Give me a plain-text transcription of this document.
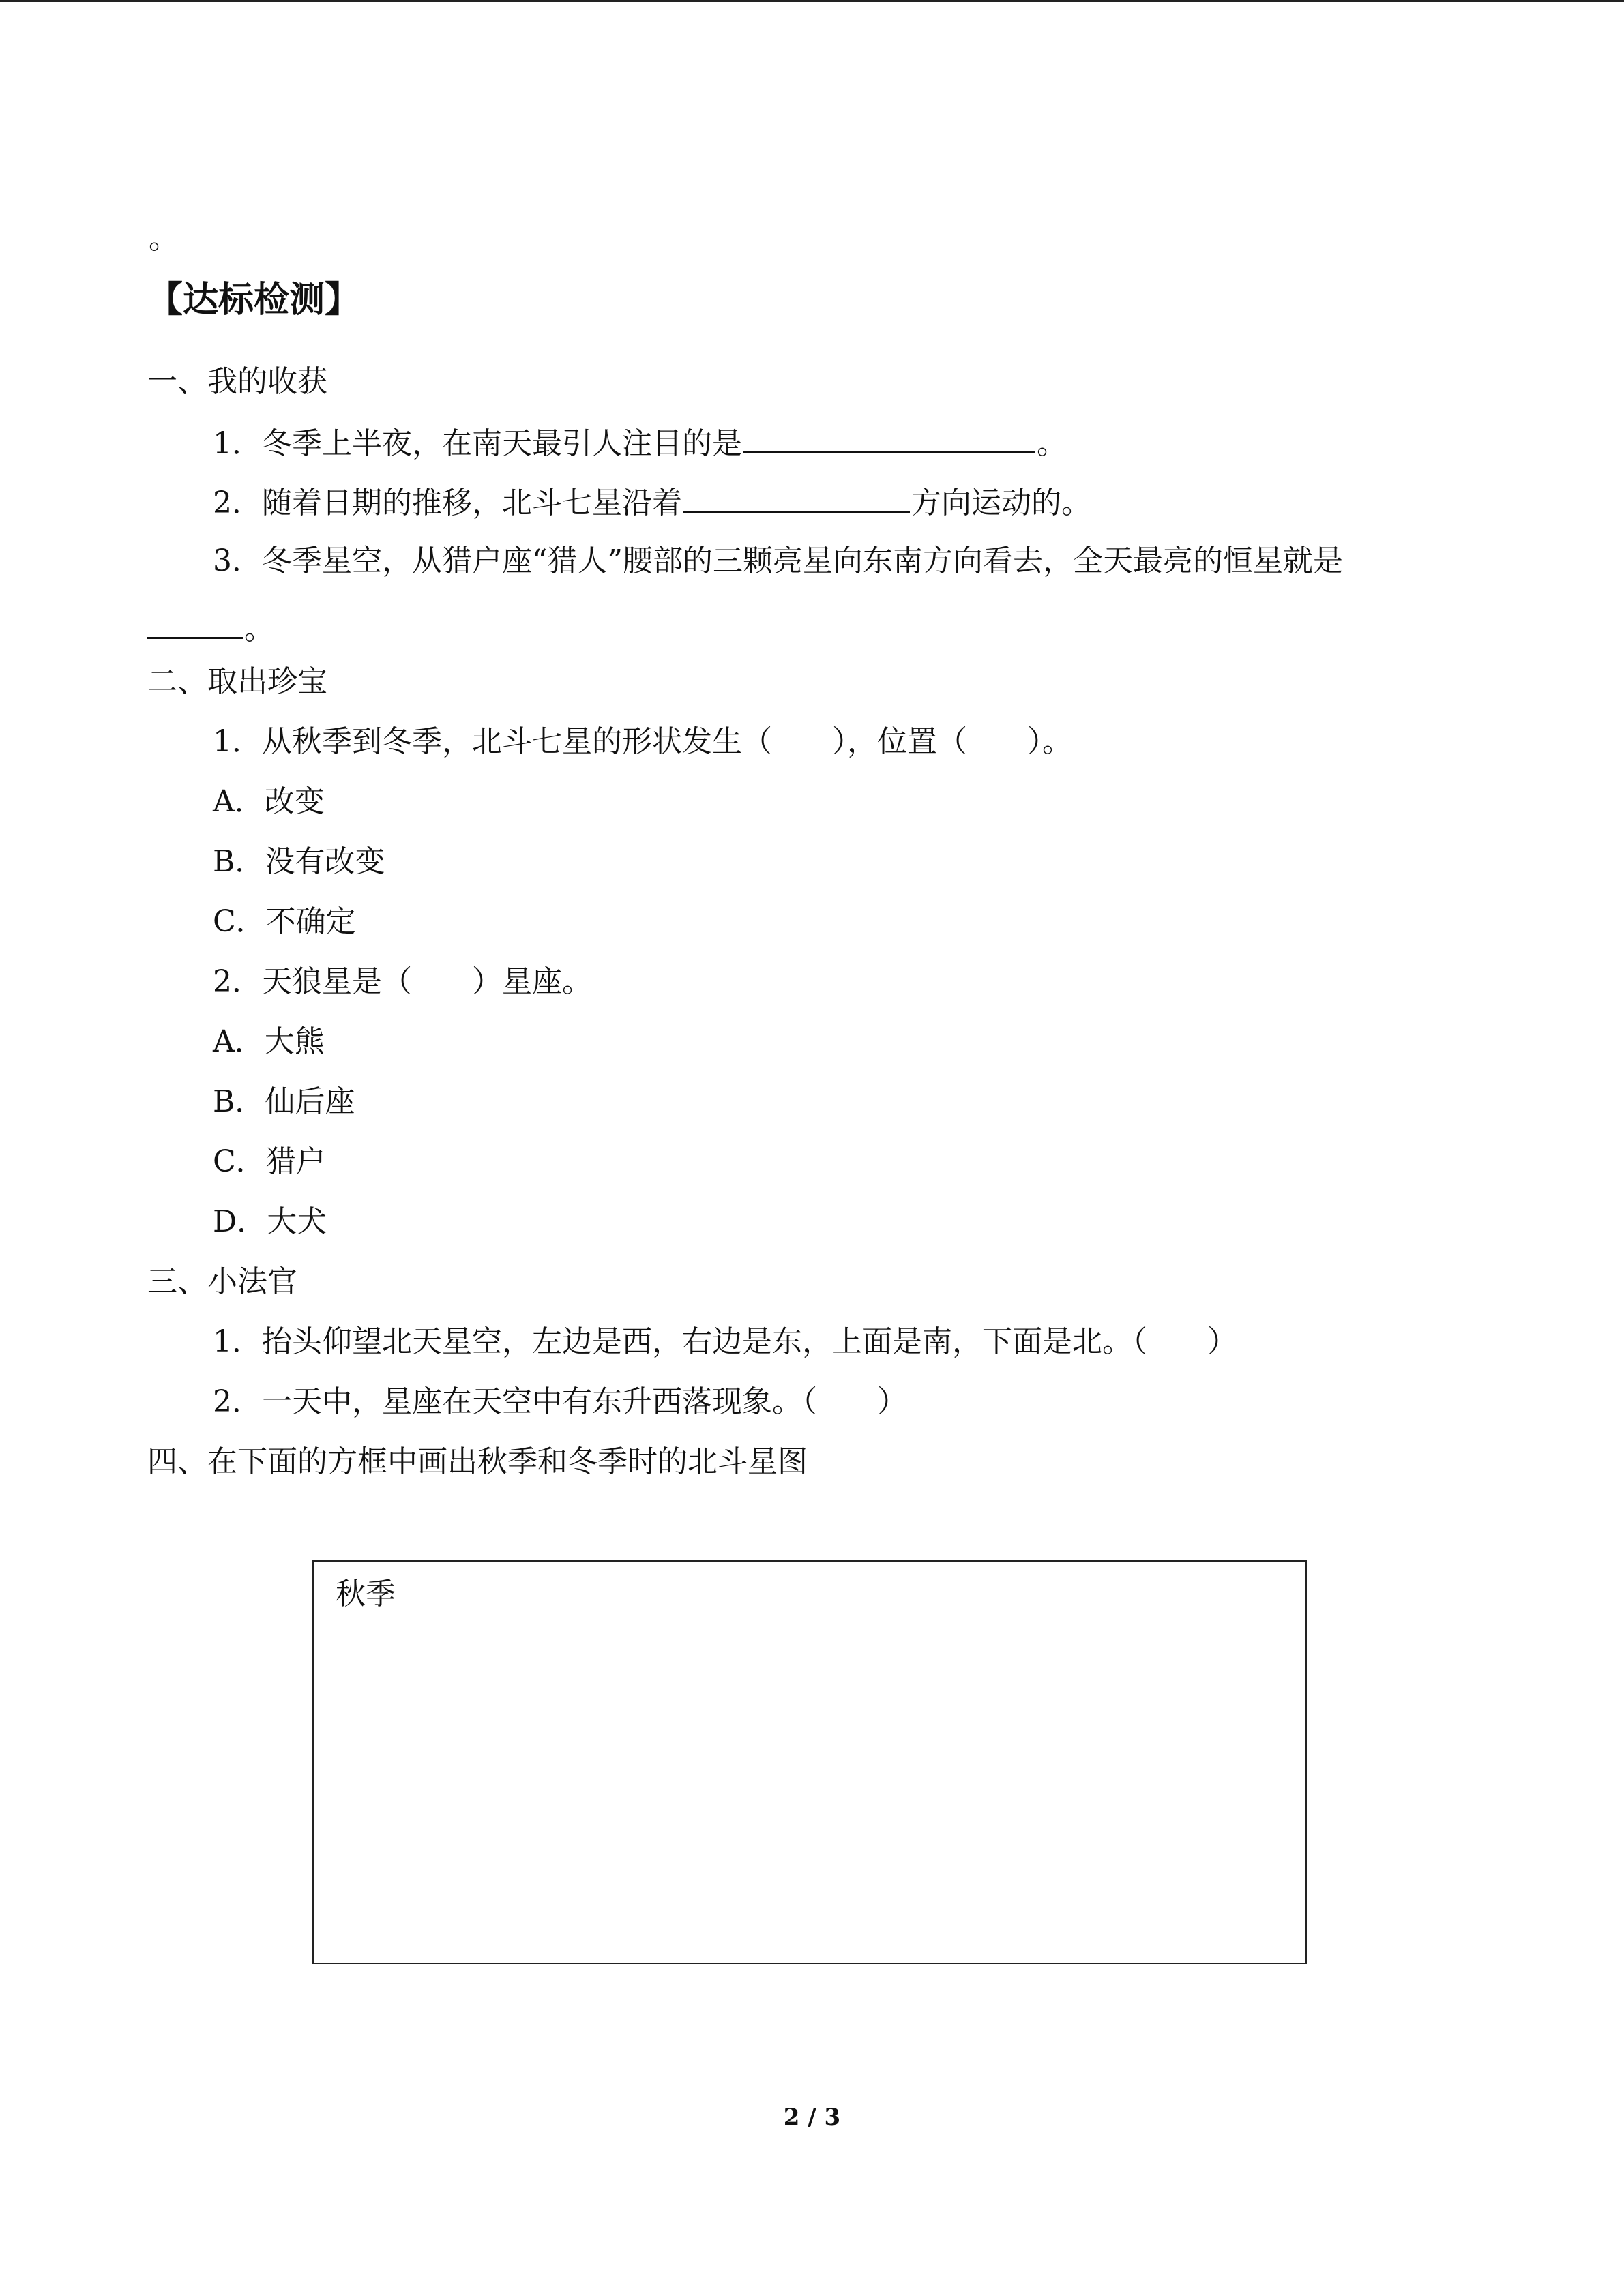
。
【达标检测】
一、我的收获
1．冬季上半夜，在南天最引人注目的是	。
2．随着日期的推移，北斗七星沿着	方向运动的。
3．冬季星空，从猎户座“猎人”腰部的三颗亮星向东南方向看去，全天最亮的恒星就是
。
二、取出珍宝
1．从秋季到冬季，北斗七星的形状发生（　　），位置（　　）。
A．改变
B．没有改变
C．不确定
2．天狼星是（　　）星座。
A．大熊
B．仙后座
C．猎户
D．大犬
三、小法官
1．抬头仰望北天星空，左边是西，右边是东，上面是南，下面是北。（　　）
2．一天中，星座在天空中有东升西落现象。（　　）
四、在下面的方框中画出秋季和冬季时的北斗星图
秋季
2 / 3
